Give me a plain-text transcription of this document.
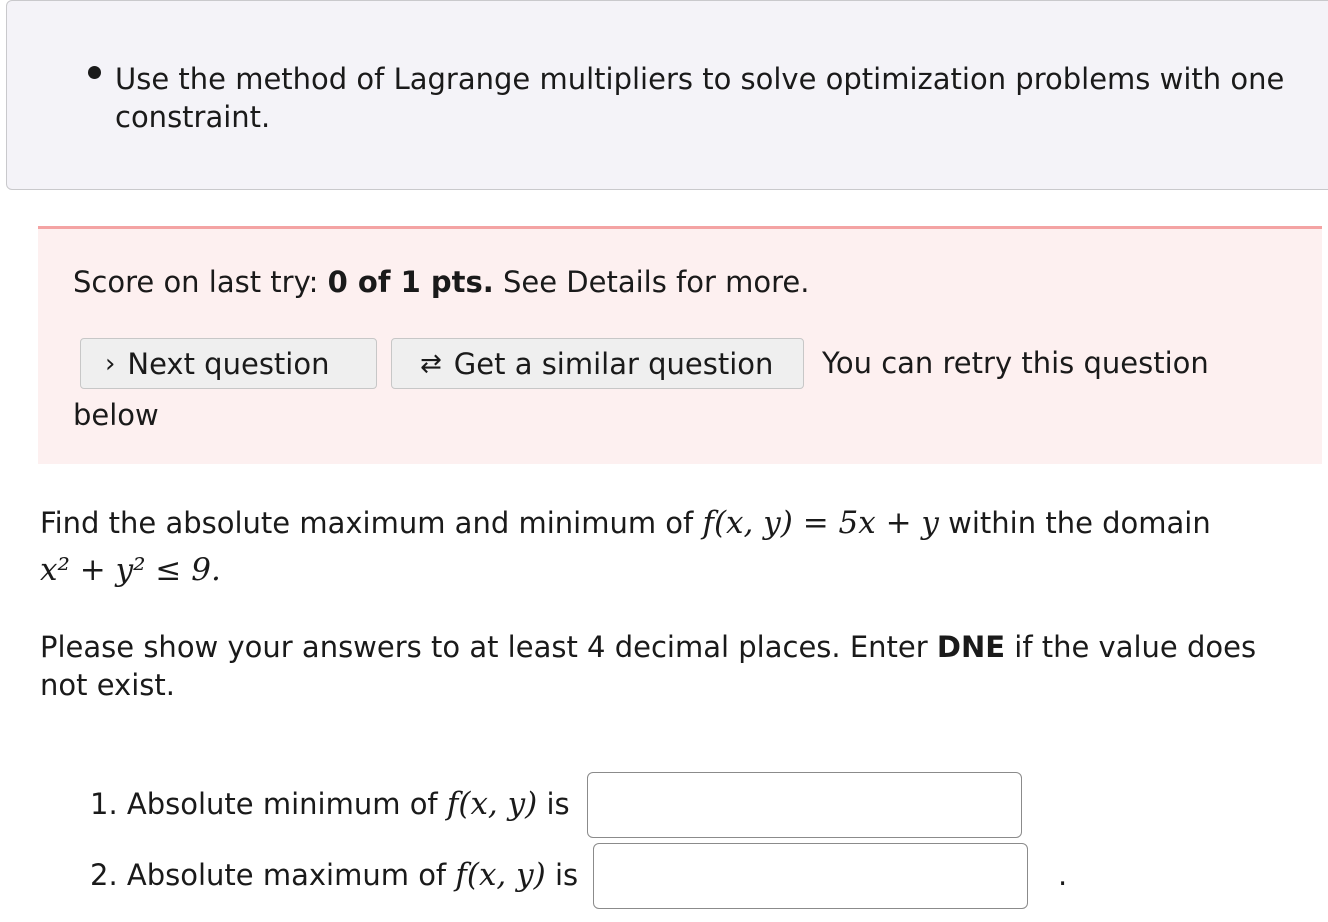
Use the method of Lagrange multipliers to solve optimization problems with one constraint.
Score on last try: 0 of 1 pts. See Details for more.
› Next question	⇄ Get a similar question You can retry this question
below
Find the absolute maximum and minimum of f(x, y) = 5x + y within the domain
x² + y² ≤ 9.
Please show your answers to at least 4 decimal places. Enter DNE if the value does not exist.
1. Absolute minimum of f(x, y) is
2. Absolute maximum of f(x, y) is	.
